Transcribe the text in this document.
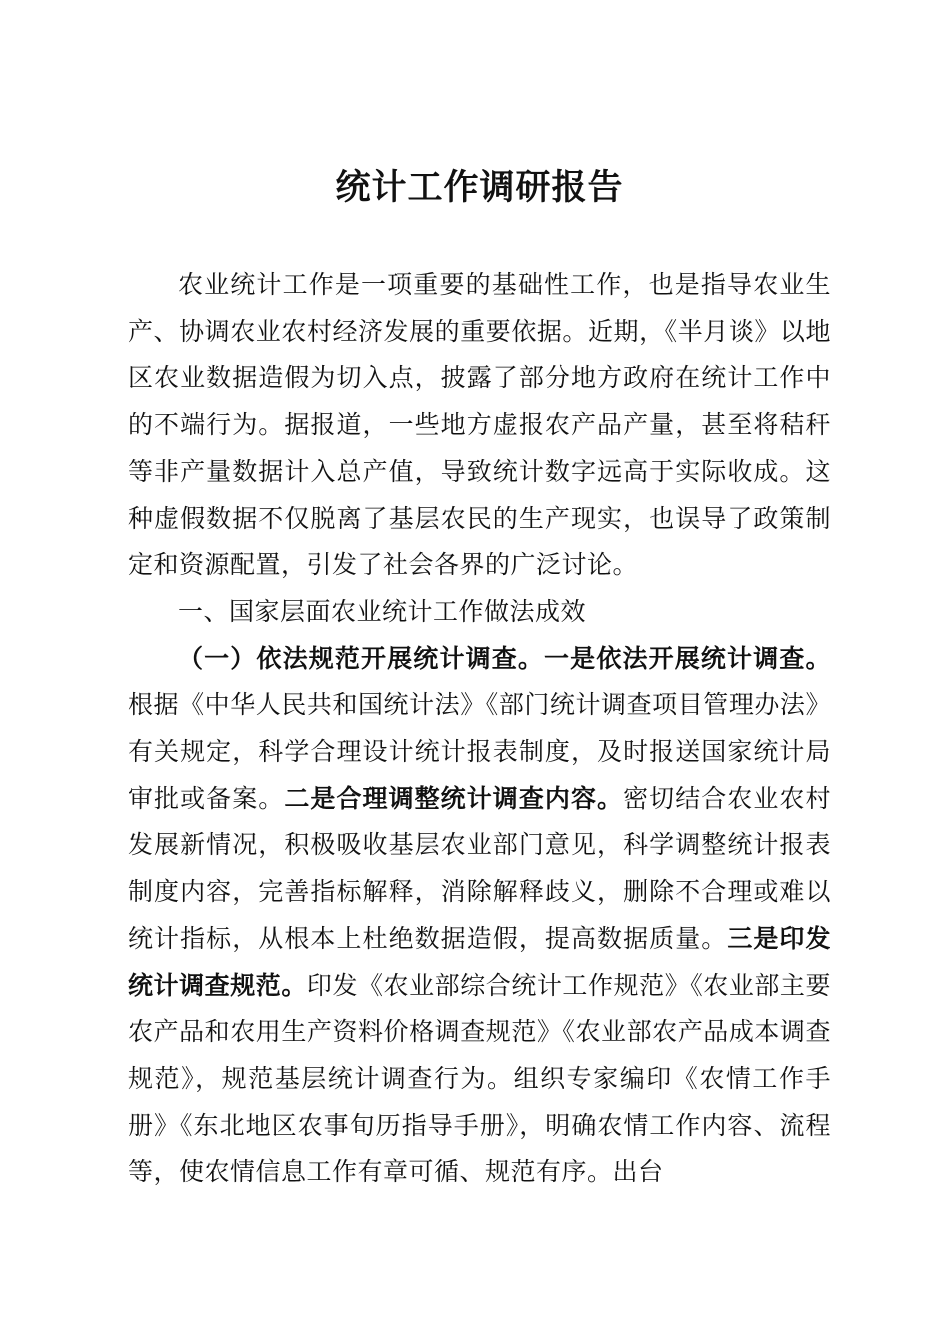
统计工作调研报告

农业统计工作是一项重要的基础性工作，也是指导农业生产、协调农业农村经济发展的重要依据。近期，《半月谈》以地区农业数据造假为切入点，披露了部分地方政府在统计工作中的不端行为。据报道，一些地方虚报农产品产量，甚至将秸秆等非产量数据计入总产值，导致统计数字远高于实际收成。这种虚假数据不仅脱离了基层农民的生产现实，也误导了政策制定和资源配置，引发了社会各界的广泛讨论。

一、国家层面农业统计工作做法成效

（一）依法规范开展统计调查。一是依法开展统计调查。根据《中华人民共和国统计法》《部门统计调查项目管理办法》有关规定，科学合理设计统计报表制度，及时报送国家统计局审批或备案。二是合理调整统计调查内容。密切结合农业农村发展新情况，积极吸收基层农业部门意见，科学调整统计报表制度内容，完善指标解释，消除解释歧义，删除不合理或难以统计指标，从根本上杜绝数据造假，提高数据质量。三是印发统计调查规范。印发《农业部综合统计工作规范》《农业部主要农产品和农用生产资料价格调查规范》《农业部农产品成本调查规范》，规范基层统计调查行为。组织专家编印《农情工作手册》《东北地区农事旬历指导手册》，明确农情工作内容、流程等，使农情信息工作有章可循、规范有序。出台
